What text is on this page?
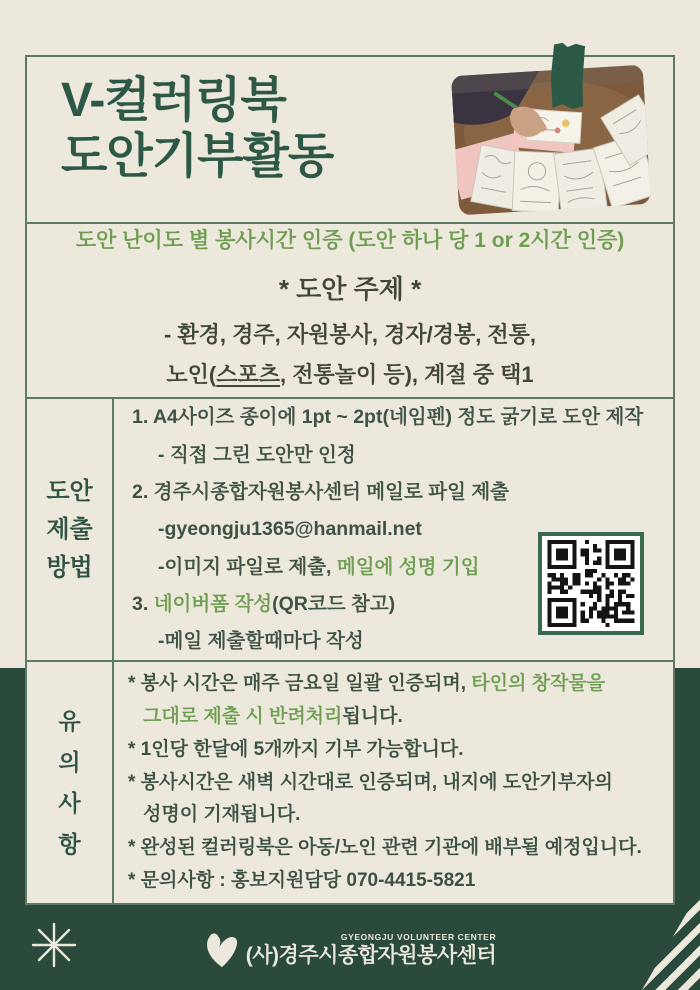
V-컬러링북
도안기부활동
도안 난이도 별 봉사시간 인증 (도안 하나 당 1 or 2시간 인증)
* 도안 주제 *
- 환경, 경주, 자원봉사, 경자/경봉, 전통,
노인(스포츠, 전통놀이 등), 계절 중 택1
도안
제출
방법
1. A4사이즈 종이에 1pt ~ 2pt(네임펜) 정도 굵기로 도안 제작
- 직접 그린 도안만 인정
2. 경주시종합자원봉사센터 메일로 파일 제출
-gyeongju1365@hanmail.net
-이미지 파일로 제출, 메일에 성명 기입
3. 네이버폼 작성(QR코드 참고)
-메일 제출할때마다 작성
유
의
사
항
* 봉사 시간은 매주 금요일 일괄 인증되며, 타인의 창작물을
그대로 제출 시 반려처리됩니다.
* 1인당 한달에 5개까지 기부 가능합니다.
* 봉사시간은 새벽 시간대로 인증되며, 내지에 도안기부자의
성명이 기재됩니다.
* 완성된 컬러링북은 아동/노인 관련 기관에 배부될 예정입니다.
* 문의사항 : 홍보지원담당 070-4415-5821
GYEONGJU VOLUNTEER CENTER
(사)경주시종합자원봉사센터
